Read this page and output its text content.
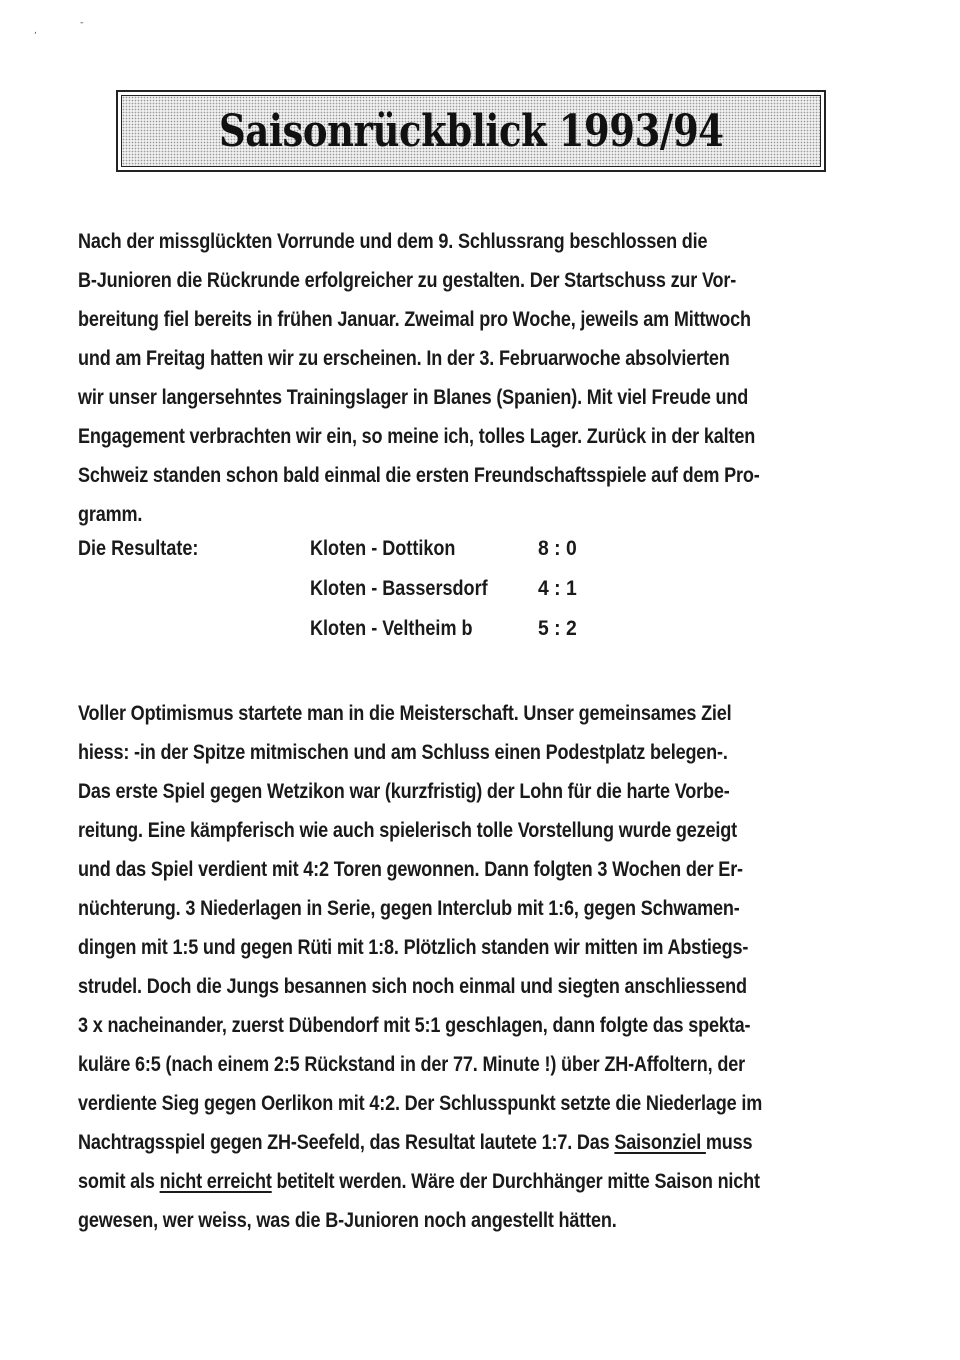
,
Saisonrückblick 1993/94
Nach der missglückten Vorrunde und dem 9. Schlussrang beschlossen die
B-Junioren die Rückrunde erfolgreicher zu gestalten. Der Startschuss zur Vor-
bereitung fiel bereits in frühen Januar. Zweimal pro Woche, jeweils am Mittwoch
und am Freitag hatten wir zu erscheinen. In der 3. Februarwoche absolvierten
wir unser langersehntes Trainingslager in Blanes (Spanien). Mit viel Freude und
Engagement verbrachten wir ein, so meine ich, tolles Lager. Zurück in der kalten
Schweiz standen schon bald einmal die ersten Freundschaftsspiele auf dem Pro-
gramm.
Die Resultate:	Kloten - Dottikon	8 : 0
Kloten - Bassersdorf 4 : 1
Kloten - Veltheim b	5 : 2
Voller Optimismus startete man in die Meisterschaft. Unser gemeinsames Ziel
hiess: -in der Spitze mitmischen und am Schluss einen Podestplatz belegen-.
Das erste Spiel gegen Wetzikon war (kurzfristig) der Lohn für die harte Vorbe-
reitung. Eine kämpferisch wie auch spielerisch tolle Vorstellung wurde gezeigt
und das Spiel verdient mit 4:2 Toren gewonnen. Dann folgten 3 Wochen der Er-
nüchterung. 3 Niederlagen in Serie, gegen Interclub mit 1:6, gegen Schwamen-
dingen mit 1:5 und gegen Rüti mit 1:8. Plötzlich standen wir mitten im Abstiegs-
strudel. Doch die Jungs besannen sich noch einmal und siegten anschliessend
3 x nacheinander, zuerst Dübendorf mit 5:1 geschlagen, dann folgte das spekta-
kuläre 6:5 (nach einem 2:5 Rückstand in der 77. Minute !) über ZH-Affoltern, der
verdiente Sieg gegen Oerlikon mit 4:2. Der Schlusspunkt setzte die Niederlage im
Nachtragsspiel gegen ZH-Seefeld, das Resultat lautete 1:7. Das Saisonziel muss
somit als nicht erreicht betitelt werden. Wäre der Durchhänger mitte Saison nicht
gewesen, wer weiss, was die B-Junioren noch angestellt hätten.
